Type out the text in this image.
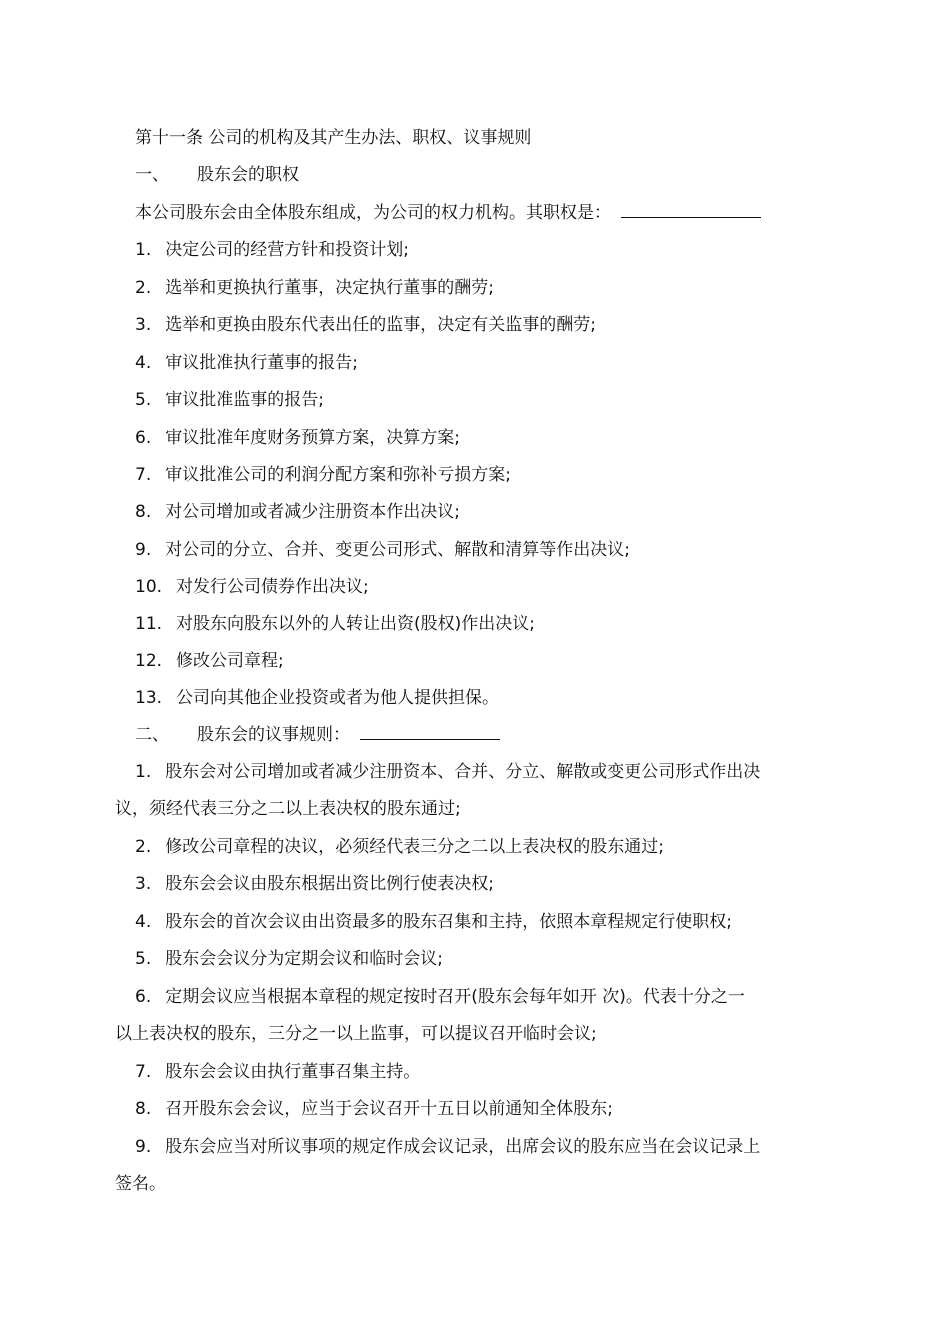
第十一条 公司的机构及其产生办法、职权、议事规则
一、 股东会的职权
本公司股东会由全体股东组成，为公司的权力机构。其职权是：
1. 决定公司的经营方针和投资计划;
2. 选举和更换执行董事，决定执行董事的酬劳;
3. 选举和更换由股东代表出任的监事，决定有关监事的酬劳;
4. 审议批准执行董事的报告;
5. 审议批准监事的报告;
6. 审议批准年度财务预算方案，决算方案;
7. 审议批准公司的利润分配方案和弥补亏损方案;
8. 对公司增加或者减少注册资本作出决议;
9. 对公司的分立、合并、变更公司形式、解散和清算等作出决议;
10. 对发行公司债券作出决议;
11. 对股东向股东以外的人转让出资(股权)作出决议;
12. 修改公司章程;
13. 公司向其他企业投资或者为他人提供担保。
二、 股东会的议事规则：
1. 股东会对公司增加或者减少注册资本、合并、分立、解散或变更公司形式作出决
议，须经代表三分之二以上表决权的股东通过;
2. 修改公司章程的决议，必须经代表三分之二以上表决权的股东通过;
3. 股东会会议由股东根据出资比例行使表决权;
4. 股东会的首次会议由出资最多的股东召集和主持，依照本章程规定行使职权;
5. 股东会会议分为定期会议和临时会议;
6. 定期会议应当根据本章程的规定按时召开(股东会每年如开 次)。代表十分之一
以上表决权的股东，三分之一以上监事，可以提议召开临时会议;
7. 股东会会议由执行董事召集主持。
8. 召开股东会会议，应当于会议召开十五日以前通知全体股东;
9. 股东会应当对所议事项的规定作成会议记录，出席会议的股东应当在会议记录上
签名。
